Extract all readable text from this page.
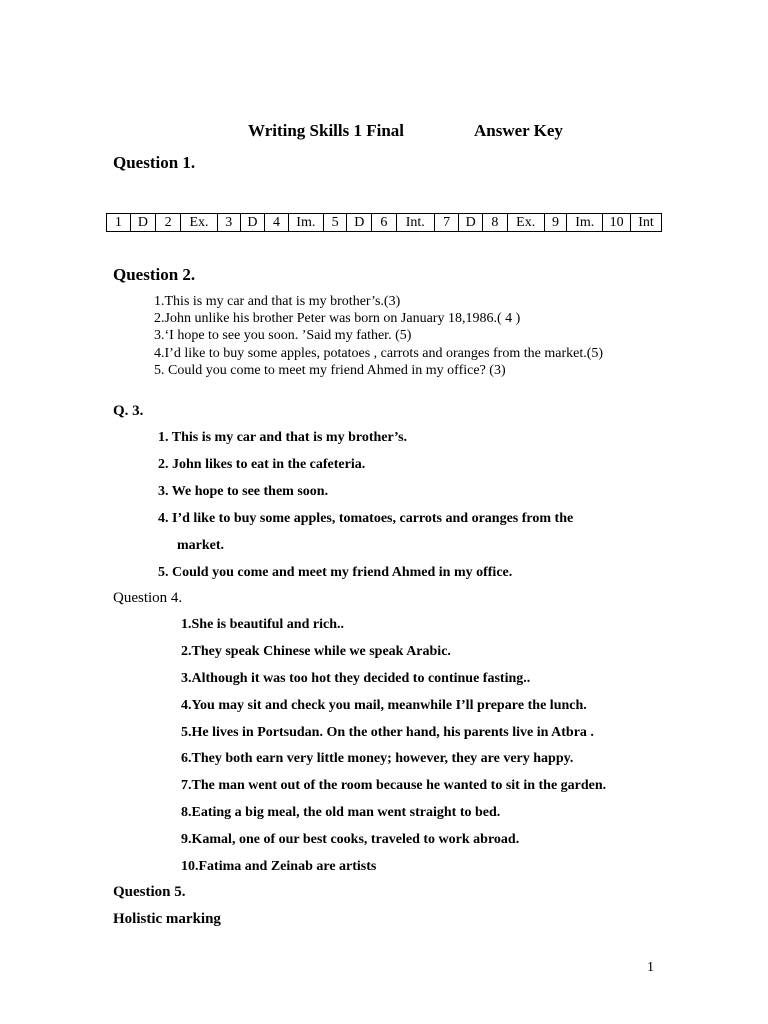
Writing Skills 1 Final	Answer Key
Question 1.
1	D	2	Ex.	3	D	4	Im.	5	D	6	Int.	7	D	8	Ex.	9	Im.	10	Int
Question 2.
1.This is my car and that is my brother’s.(3)
2.John unlike his brother Peter was born on January 18,1986.( 4 )
3.‘I hope to see you soon. ’Said my father. (5)
4.I’d like to buy some apples, potatoes , carrots and oranges from the market.(5)
5. Could you come to meet my friend Ahmed in my office? (3)
Q. 3.
1. This is my car and that is my brother’s.
2. John likes to eat in the cafeteria.
3. We hope to see them soon.
4. I’d like to buy some apples, tomatoes, carrots and oranges from the
market.
5. Could you come and meet my friend Ahmed in my office.
Question 4.
1.She is beautiful and rich..
2.They speak Chinese while we speak Arabic.
3.Although it was too hot they decided to continue fasting..
4.You may sit and check you mail, meanwhile I’ll preparе the lunch.
5.He lives in Portsudan. On the other hand, his parents live in Atbra .
6.They both earn very little money; however, they are very happy.
7.The man went out of the room because he wanted to sit in the garden.
8.Eating a big meal, the old man went straight to bed.
9.Kamal, one of our best cooks, traveled to work abroad.
10.Fatima and Zeinab are artists
Question 5.
Holistic marking
1
